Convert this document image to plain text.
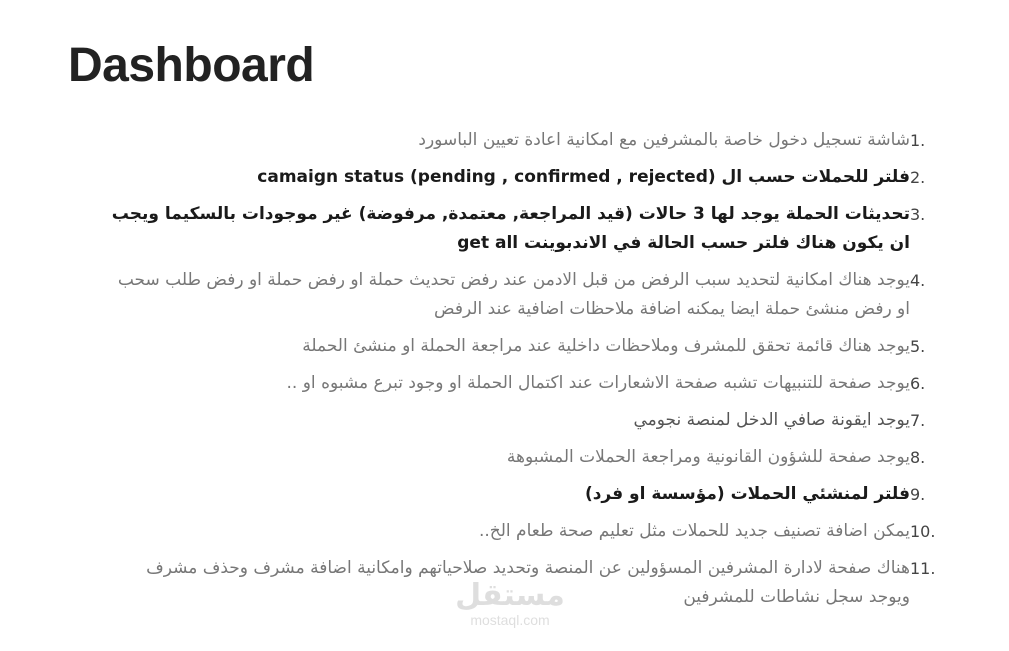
Dashboard
1.
شاشة تسجيل دخول خاصة بالمشرفين مع امكانية اعادة تعيين الباسورد
2.
فلتر للحملات حسب ال camaign status (pending , confirmed , rejected)
3.
تحديثات الحملة يوجد لها 3 حالات (قيد المراجعة, معتمدة, مرفوضة) غير موجودات بالسكيما ويجب ان يكون هناك فلتر حسب الحالة في الاندبوينت get all
4.
يوجد هناك امكانية لتحديد سبب الرفض من قبل الادمن عند رفض تحديث حملة او رفض حملة او رفض طلب سحب او رفض منشئ حملة ايضا يمكنه اضافة ملاحظات اضافية عند الرفض
5.
يوجد هناك قائمة تحقق للمشرف وملاحظات داخلية عند مراجعة الحملة او منشئ الحملة
6.
يوجد صفحة للتنبيهات تشبه صفحة الاشعارات عند اكتمال الحملة او وجود تبرع مشبوه او ..
7.
يوجد ايقونة صافي الدخل لمنصة نجومي
8.
يوجد صفحة للشؤون القانونية ومراجعة الحملات المشبوهة
9.
فلتر لمنشئي الحملات (مؤسسة او فرد)
10.
يمكن اضافة تصنيف جديد للحملات مثل تعليم صحة طعام الخ..
11.
هناك صفحة لادارة المشرفين المسؤولين عن المنصة وتحديد صلاحياتهم وامكانية اضافة مشرف وحذف مشرف ويوجد سجل نشاطات للمشرفين
مستقل
mostaql.com
